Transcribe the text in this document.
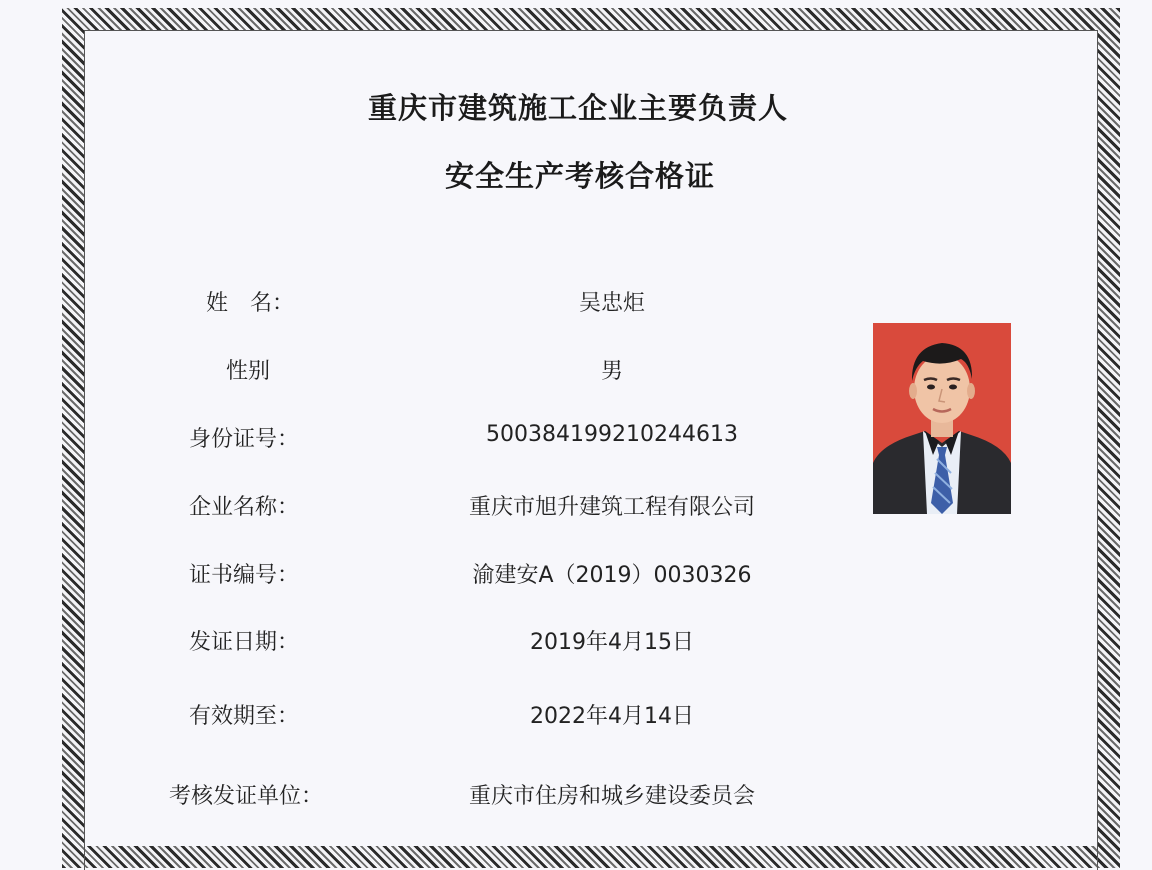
重庆市建筑施工企业主要负责人
安全生产考核合格证
姓　名：	吴忠炬
性别	男
身份证号：	500384199210244613
企业名称：	重庆市旭升建筑工程有限公司
证书编号：	渝建安A（2019）0030326
发证日期：	2019年4月15日
有效期至：	2022年4月14日
考核发证单位：	重庆市住房和城乡建设委员会
